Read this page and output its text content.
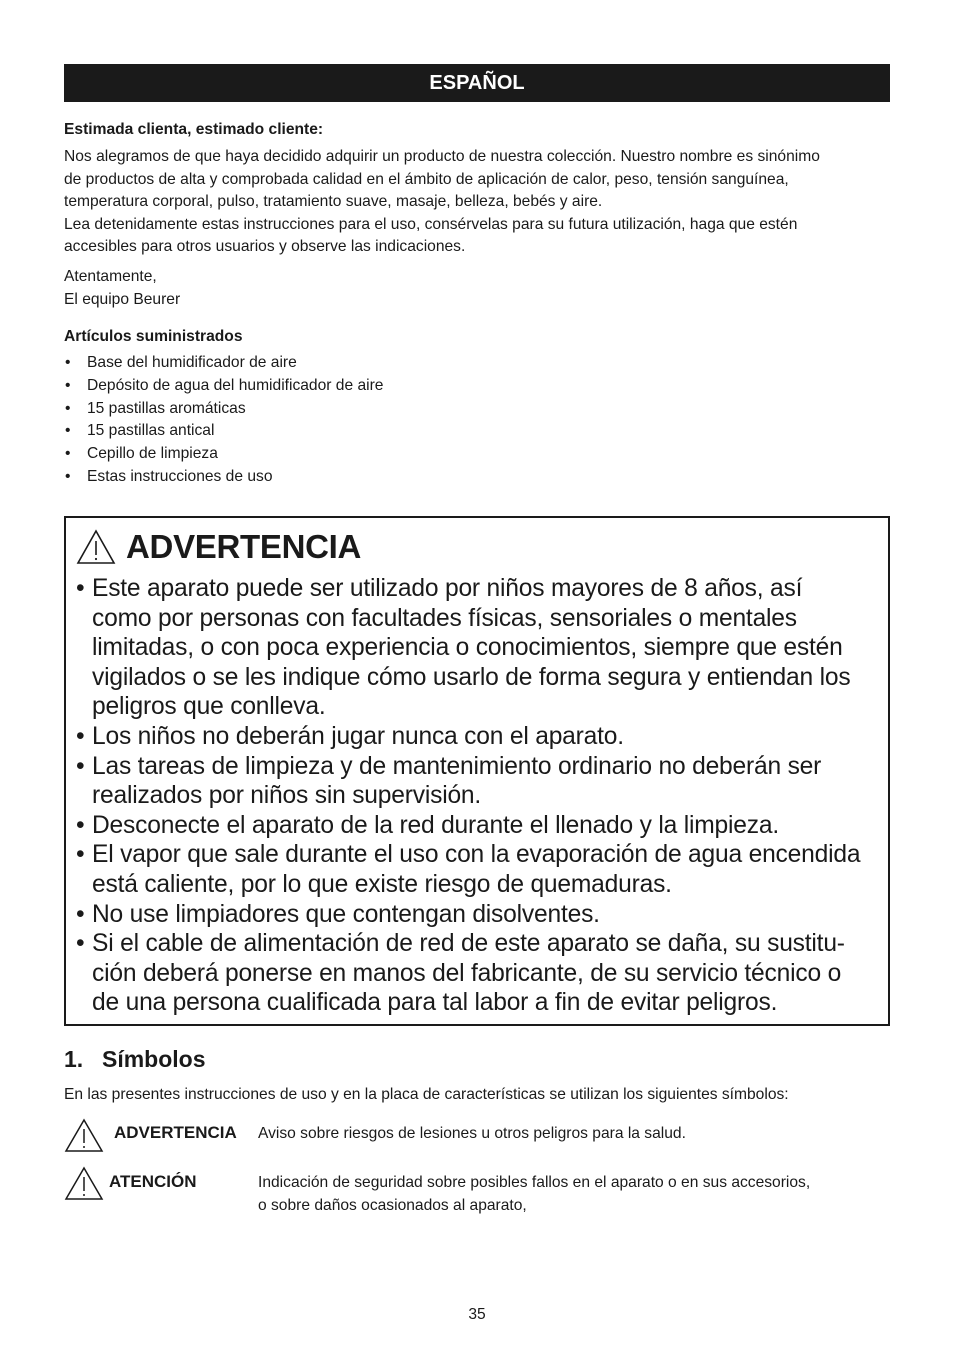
ESPAÑOL
Estimada clienta, estimado cliente:
Nos alegramos de que haya decidido adquirir un producto de nuestra colección. Nuestro nombre es sinónimo
de productos de alta y comprobada calidad en el ámbito de aplicación de calor, peso, tensión sanguínea,
temperatura corporal, pulso, tratamiento suave, masaje, belleza, bebés y aire.
Lea detenidamente estas instrucciones para el uso, consérvelas para su futura utilización, haga que estén
accesibles para otros usuarios y observe las indicaciones.
Atentamente,
El equipo Beurer
Artículos suministrados
• Base del humidificador de aire
• Depósito de agua del humidificador de aire
• 15 pastillas aromáticas
• 15 pastillas antical
• Cepillo de limpieza
• Estas instrucciones de uso
ADVERTENCIA
• Este aparato puede ser utilizado por niños mayores de 8 años, así
como por personas con facultades físicas, sensoriales o mentales
limitadas, o con poca experiencia o conocimientos, siempre que estén
vigilados o se les indique cómo usarlo de forma segura y entiendan los
peligros que conlleva.
• Los niños no deberán jugar nunca con el aparato.
• Las tareas de limpieza y de mantenimiento ordinario no deberán ser
realizados por niños sin supervisión.
• Desconecte el aparato de la red durante el llenado y la limpieza.
• El vapor que sale durante el uso con la evaporación de agua encendida
está caliente, por lo que existe riesgo de quemaduras.
• No use limpiadores que contengan disolventes.
• Si el cable de alimentación de red de este aparato se daña, su sustitu-
ción deberá ponerse en manos del fabricante, de su servicio técnico o
de una persona cualificada para tal labor a fin de evitar peligros.
1. Símbolos
En las presentes instrucciones de uso y en la placa de características se utilizan los siguientes símbolos:
ADVERTENCIA Aviso sobre riesgos de lesiones u otros peligros para la salud.
ATENCIÓN	Indicación de seguridad sobre posibles fallos en el aparato o en sus accesorios,
o sobre daños ocasionados al aparato,
35
